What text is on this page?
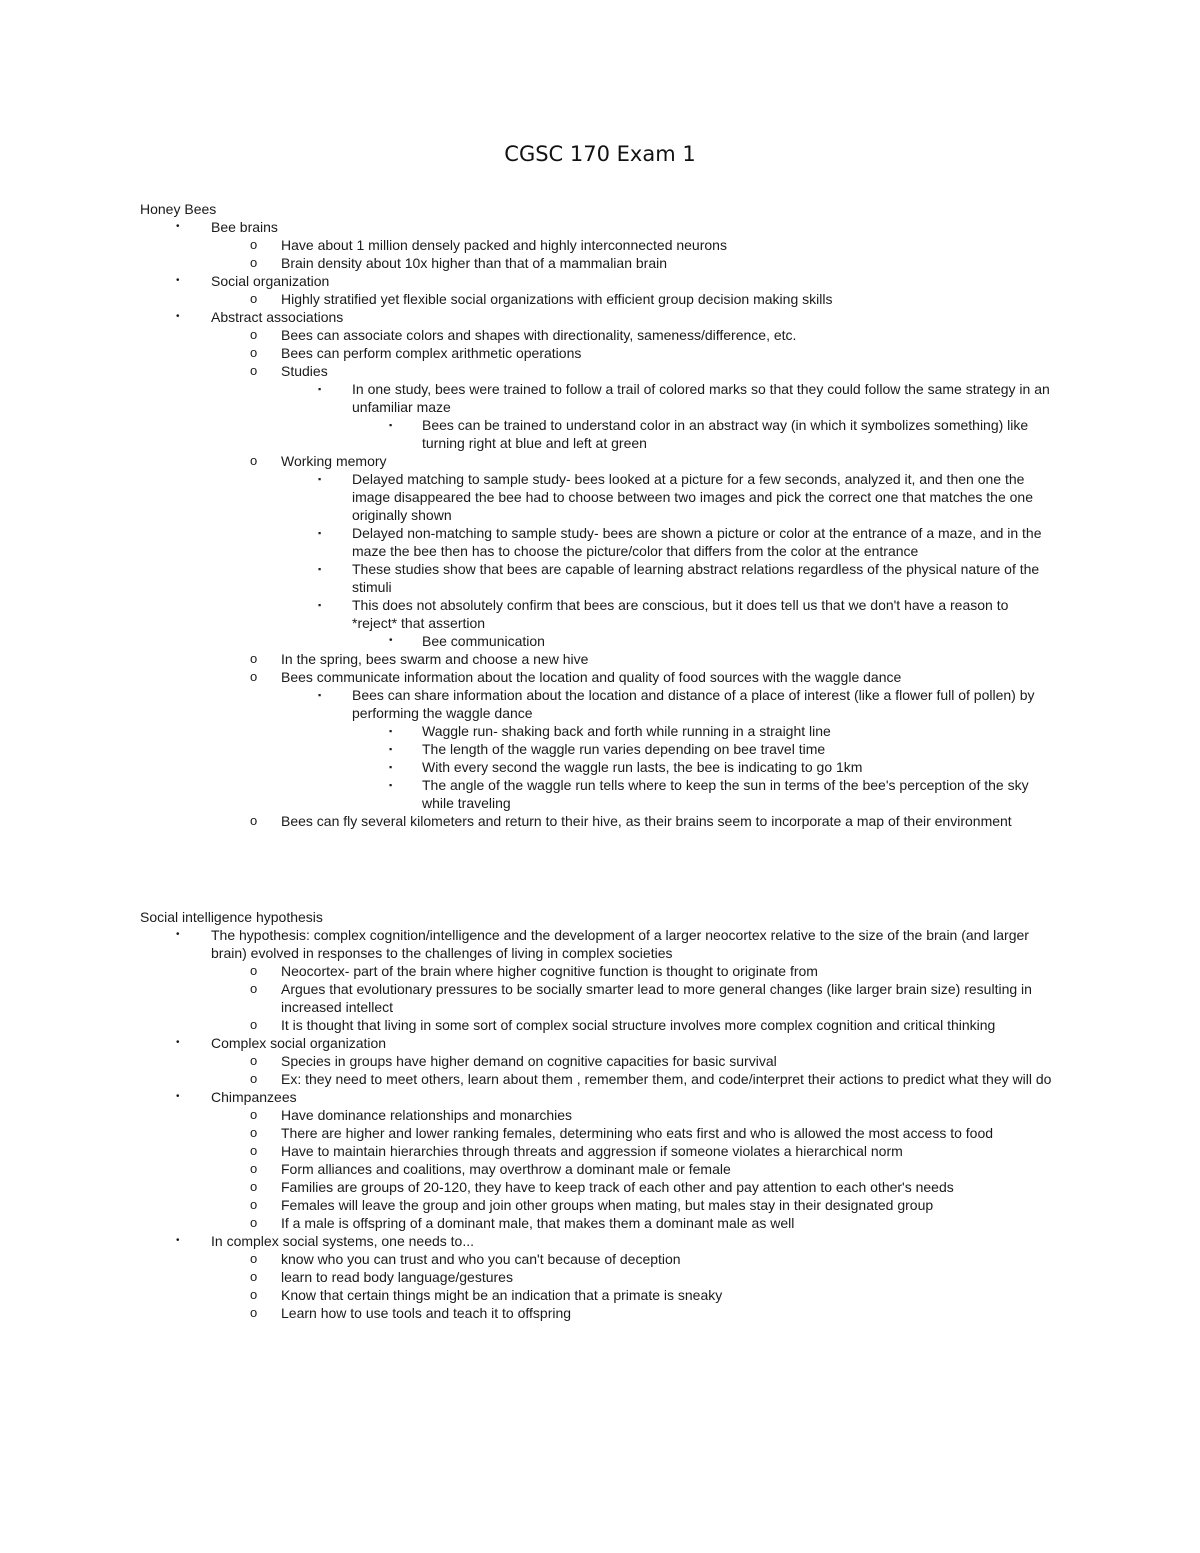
CGSC 170 Exam 1
Honey Bees
• Bee brains
o Have about 1 million densely packed and highly interconnected neurons
o Brain density about 10x higher than that of a mammalian brain
• Social organization
o Highly stratified yet flexible social organizations with efficient group decision making skills
• Abstract associations
o Bees can associate colors and shapes with directionality, sameness/difference, etc.
o Bees can perform complex arithmetic operations
o Studies
▪ In one study, bees were trained to follow a trail of colored marks so that they could follow the same strategy in an unfamiliar maze
▪ Bees can be trained to understand color in an abstract way (in which it symbolizes something) like turning right at blue and left at green
o Working memory
▪ Delayed matching to sample study- bees looked at a picture for a few seconds, analyzed it, and then one the image disappeared the bee had to choose between two images and pick the correct one that matches the one originally shown
▪ Delayed non-matching to sample study- bees are shown a picture or color at the entrance of a maze, and in the maze the bee then has to choose the picture/color that differs from the color at the entrance
▪ These studies show that bees are capable of learning abstract relations regardless of the physical nature of the stimuli
▪ This does not absolutely confirm that bees are conscious, but it does tell us that we don't have a reason to *reject* that assertion
• Bee communication
o In the spring, bees swarm and choose a new hive
o Bees communicate information about the location and quality of food sources with the waggle dance
▪ Bees can share information about the location and distance of a place of interest (like a flower full of pollen) by performing the waggle dance
▪ Waggle run- shaking back and forth while running in a straight line
▪ The length of the waggle run varies depending on bee travel time
▪ With every second the waggle run lasts, the bee is indicating to go 1km
▪ The angle of the waggle run tells where to keep the sun in terms of the bee's perception of the sky while traveling
o Bees can fly several kilometers and return to their hive, as their brains seem to incorporate a map of their environment
Social intelligence hypothesis
• The hypothesis: complex cognition/intelligence and the development of a larger neocortex relative to the size of the brain (and larger brain) evolved in responses to the challenges of living in complex societies
o Neocortex- part of the brain where higher cognitive function is thought to originate from
o Argues that evolutionary pressures to be socially smarter lead to more general changes (like larger brain size) resulting in increased intellect
o It is thought that living in some sort of complex social structure involves more complex cognition and critical thinking
• Complex social organization
o Species in groups have higher demand on cognitive capacities for basic survival
o Ex: they need to meet others, learn about them , remember them, and code/interpret their actions to predict what they will do
• Chimpanzees
o Have dominance relationships and monarchies
o There are higher and lower ranking females, determining who eats first and who is allowed the most access to food
o Have to maintain hierarchies through threats and aggression if someone violates a hierarchical norm
o Form alliances and coalitions, may overthrow a dominant male or female
o Families are groups of 20-120, they have to keep track of each other and pay attention to each other's needs
o Females will leave the group and join other groups when mating, but males stay in their designated group
o If a male is offspring of a dominant male, that makes them a dominant male as well
• In complex social systems, one needs to...
o know who you can trust and who you can't because of deception
o learn to read body language/gestures
o Know that certain things might be an indication that a primate is sneaky
o Learn how to use tools and teach it to offspring
